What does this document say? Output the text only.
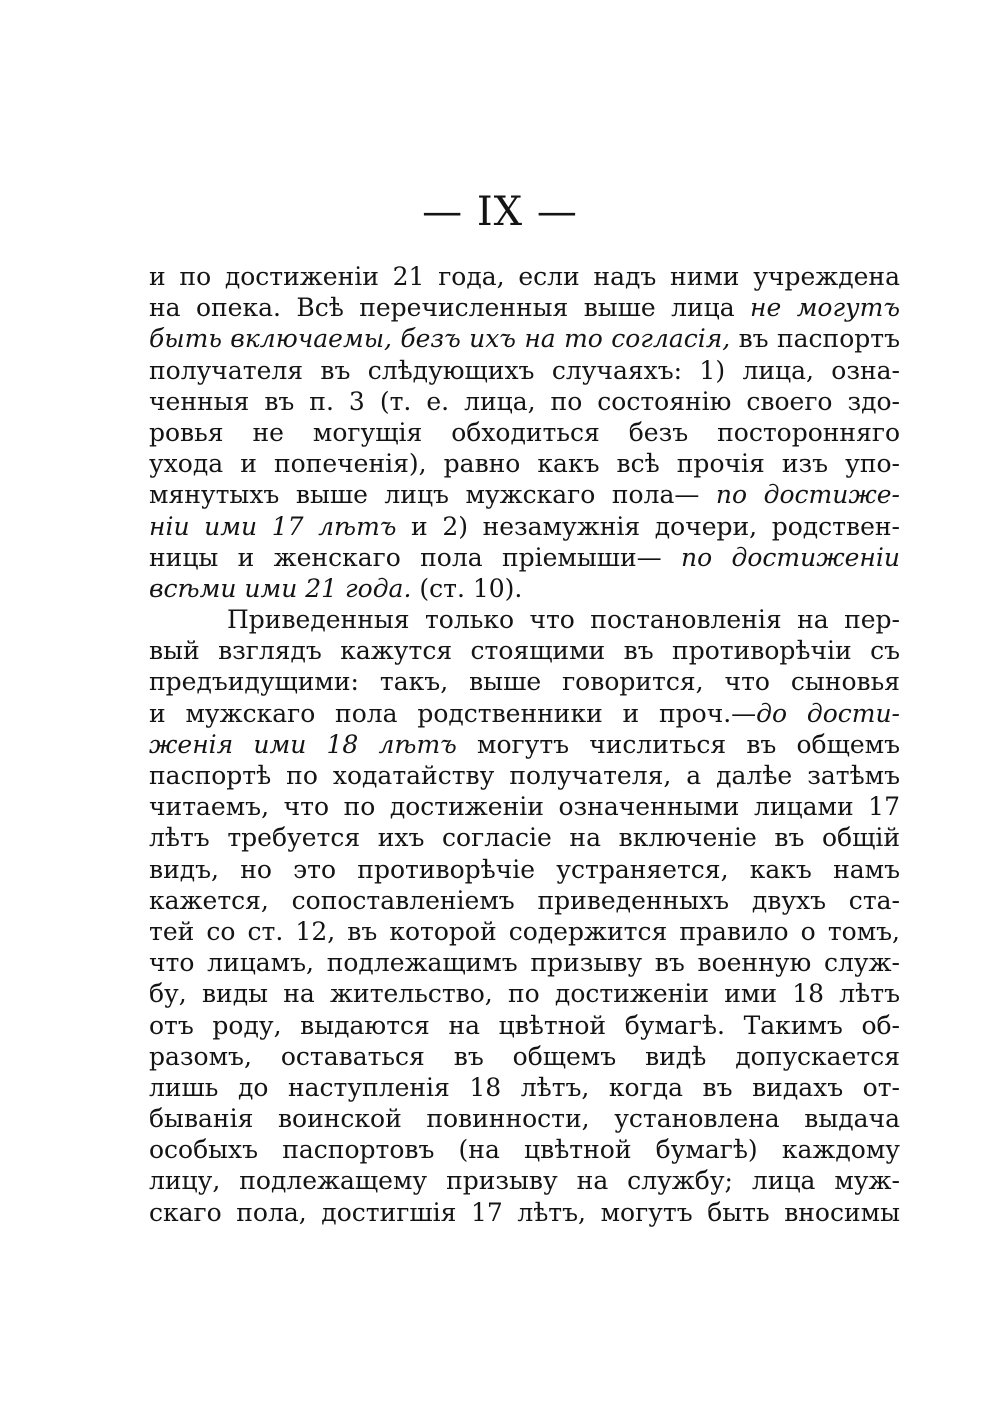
— IX —
и по достиженіи 21 года, если надъ ними учреждена
на опека. Всѣ перечисленныя выше лица не могутъ
быть включаемы, безъ ихъ на то согласія, въ паспортъ
получателя въ слѣдующихъ случаяхъ: 1) лица, озна-
ченныя въ п. 3 (т. е. лица, по состоянію своего здо-
ровья не могущія обходиться безъ посторонняго
ухода и попеченія), равно какъ всѣ прочія изъ упо-
мянутыхъ выше лицъ мужскаго пола— по достиже-
ніи ими 17 лѣтъ и 2) незамужнія дочери, родствен-
ницы и женскаго пола пріемыши— по достиженіи
всѣми ими 21 года. (ст. 10).
Приведенныя только что постановленія на пер-
вый взглядъ кажутся стоящими въ противорѣчіи съ
предъидущими: такъ, выше говорится, что сыновья
и мужскаго пола родственники и проч.—до дости-
женія ими 18 лѣтъ могутъ числиться въ общемъ
паспортѣ по ходатайству получателя, а далѣе затѣмъ
читаемъ, что по достиженіи означенными лицами 17
лѣтъ требуется ихъ согласіе на включеніе въ общій
видъ, но это противорѣчіе устраняется, какъ намъ
кажется, сопоставленіемъ приведенныхъ двухъ ста-
тей со ст. 12, въ которой содержится правило о томъ,
что лицамъ, подлежащимъ призыву въ военную служ-
бу, виды на жительство, по достиженіи ими 18 лѣтъ
отъ роду, выдаются на цвѣтной бумагѣ. Такимъ об-
разомъ, оставаться въ общемъ видѣ допускается
лишь до наступленія 18 лѣтъ, когда въ видахъ от-
быванія воинской повинности, установлена выдача
особыхъ паспортовъ (на цвѣтной бумагѣ) каждому
лицу, подлежащему призыву на службу; лица муж-
скаго пола, достигшія 17 лѣтъ, могутъ быть вносимы
